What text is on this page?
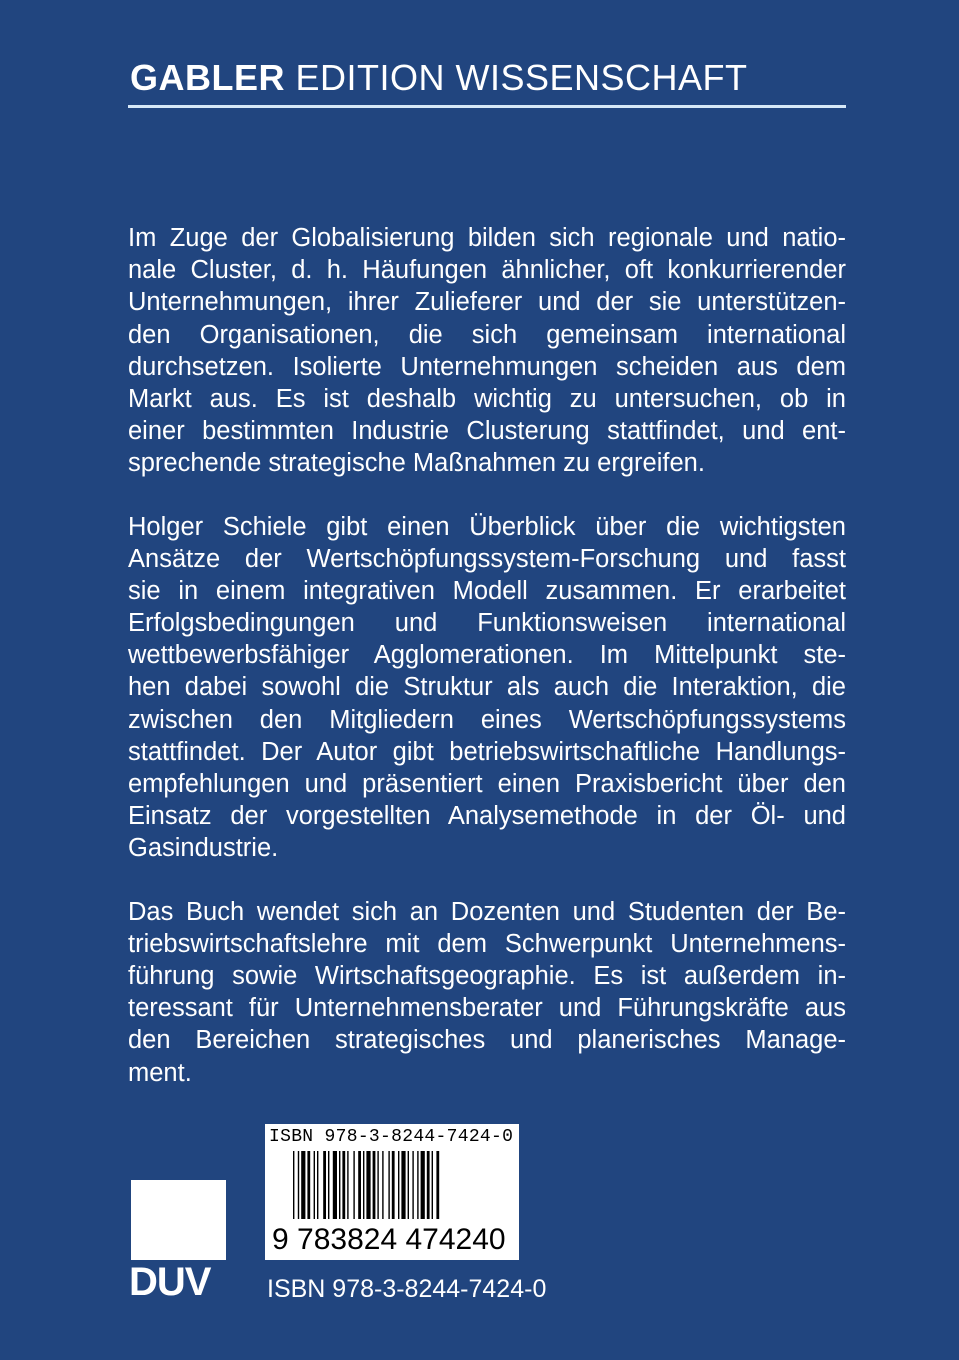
GABLER EDITION WISSENSCHAFT
Im Zuge der Globalisierung bilden sich regionale und natio-
nale Cluster, d. h. Häufungen ähnlicher, oft konkurrierender
Unternehmungen, ihrer Zulieferer und der sie unterstützen-
den Organisationen, die sich gemeinsam international
durchsetzen. Isolierte Unternehmungen scheiden aus dem
Markt aus. Es ist deshalb wichtig zu untersuchen, ob in
einer bestimmten Industrie Clusterung stattfindet, und ent-
sprechende strategische Maßnahmen zu ergreifen.
Holger Schiele gibt einen Überblick über die wichtigsten
Ansätze der Wertschöpfungssystem-Forschung und fasst
sie in einem integrativen Modell zusammen. Er erarbeitet
Erfolgsbedingungen und Funktionsweisen international
wettbewerbsfähiger Agglomerationen. Im Mittelpunkt ste-
hen dabei sowohl die Struktur als auch die Interaktion, die
zwischen den Mitgliedern eines Wertschöpfungssystems
stattfindet. Der Autor gibt betriebswirtschaftliche Handlungs-
empfehlungen und präsentiert einen Praxisbericht über den
Einsatz der vorgestellten Analysemethode in der Öl- und
Gasindustrie.
Das Buch wendet sich an Dozenten und Studenten der Be-
triebswirtschaftslehre mit dem Schwerpunkt Unternehmens-
führung sowie Wirtschaftsgeographie. Es ist außerdem in-
teressant für Unternehmensberater und Führungskräfte aus
den Bereichen strategisches und planerisches Manage-
ment.
ISBN 978-3-8244-7424-0
9 783824 474240
DUV ISBN 978-3-8244-7424-0
